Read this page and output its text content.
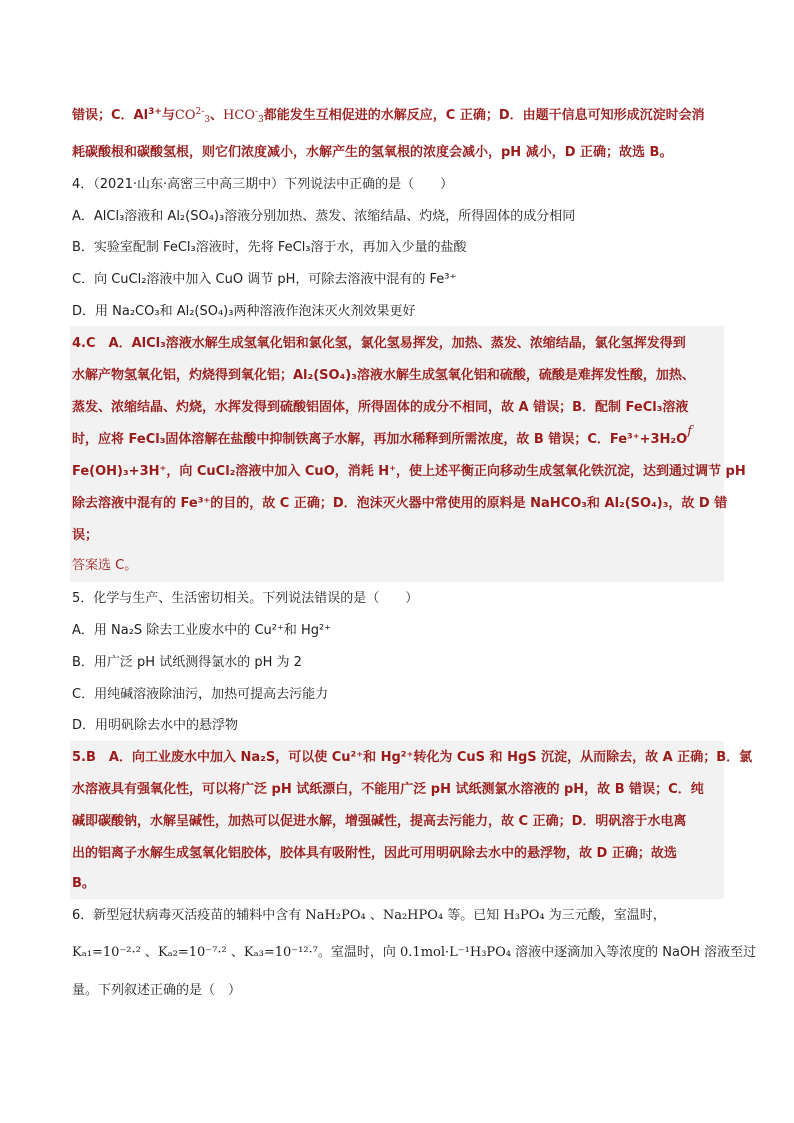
错误；C．$Al^{3+}$与$CO^{2-}_3$、$HCO^-_3$都能发生互相促进的水解反应，C 正确；D．由题干信息可知形成沉淀时会消
耗碳酸根和碳酸氢根，则它们浓度减小，水解产生的氢氧根的浓度会减小，pH 减小，D 正确；故选 B。
4．（2021·山东·高密三中高三期中）下列说法中正确的是（　　）
A．AlCl₃溶液和 Al₂(SO₄)₃溶液分别加热、蒸发、浓缩结晶、灼烧，所得固体的成分相同
B．实验室配制 FeCl₃溶液时，先将 FeCl₃溶于水，再加入少量的盐酸
C．向 CuCl₂溶液中加入 CuO 调节 pH，可除去溶液中混有的 Fe³⁺
D．用 Na₂CO₃和 Al₂(SO₄)₃两种溶液作泡沫灭火剂效果更好
4.C　A．AlCl₃溶液水解生成氢氧化铝和氯化氢，氯化氢易挥发，加热、蒸发、浓缩结晶，氯化氢挥发得到
水解产物氢氧化铝，灼烧得到氧化铝；Al₂(SO₄)₃溶液水解生成氢氧化铝和硫酸，硫酸是难挥发性酸，加热、
蒸发、浓缩结晶、灼烧，水挥发得到硫酸铝固体，所得固体的成分不相同，故 A 错误；B．配制 FeCl₃溶液
时，应将 FeCl₃固体溶解在盐酸中抑制铁离子水解，再加水稀释到所需浓度，故 B 错误；C．Fe³⁺+3H₂Oƒ
Fe(OH)₃+3H⁺，向 CuCl₂溶液中加入 CuO，消耗 H⁺，使上述平衡正向移动生成氢氧化铁沉淀，达到通过调节 pH
除去溶液中混有的 Fe³⁺的目的，故 C 正确；D．泡沫灭火器中常使用的原料是 NaHCO₃和 Al₂(SO₄)₃，故 D 错
误；
答案选 C。
5．化学与生产、生活密切相关。下列说法错误的是（　　）
A．用 Na₂S 除去工业废水中的 Cu²⁺和 Hg²⁺
B．用广泛 pH 试纸测得氯水的 pH 为 2
C．用纯碱溶液除油污，加热可提高去污能力
D．用明矾除去水中的悬浮物
5.B　A．向工业废水中加入 Na₂S，可以使 Cu²⁺和 Hg²⁺转化为 CuS 和 HgS 沉淀，从而除去，故 A 正确；B．氯
水溶液具有强氧化性，可以将广泛 pH 试纸漂白，不能用广泛 pH 试纸测氯水溶液的 pH，故 B 错误；C．纯
碱即碳酸钠，水解呈碱性，加热可以促进水解，增强碱性，提高去污能力，故 C 正确；D．明矾溶于水电离
出的铝离子水解生成氢氧化铝胶体，胶体具有吸附性，因此可用明矾除去水中的悬浮物，故 D 正确；故选
B。
6．新型冠状病毒灭活疫苗的辅料中含有 NaH₂PO₄ 、Na₂HPO₄ 等。已知 H₃PO₄ 为三元酸，室温时，
Kₐ₁=10⁻²·² 、Kₐ₂=10⁻⁷·² 、Kₐ₃=10⁻¹²·⁷。室温时，向 0.1mol·L⁻¹H₃PO₄ 溶液中逐滴加入等浓度的 NaOH 溶液至过
量。下列叙述正确的是（　）
